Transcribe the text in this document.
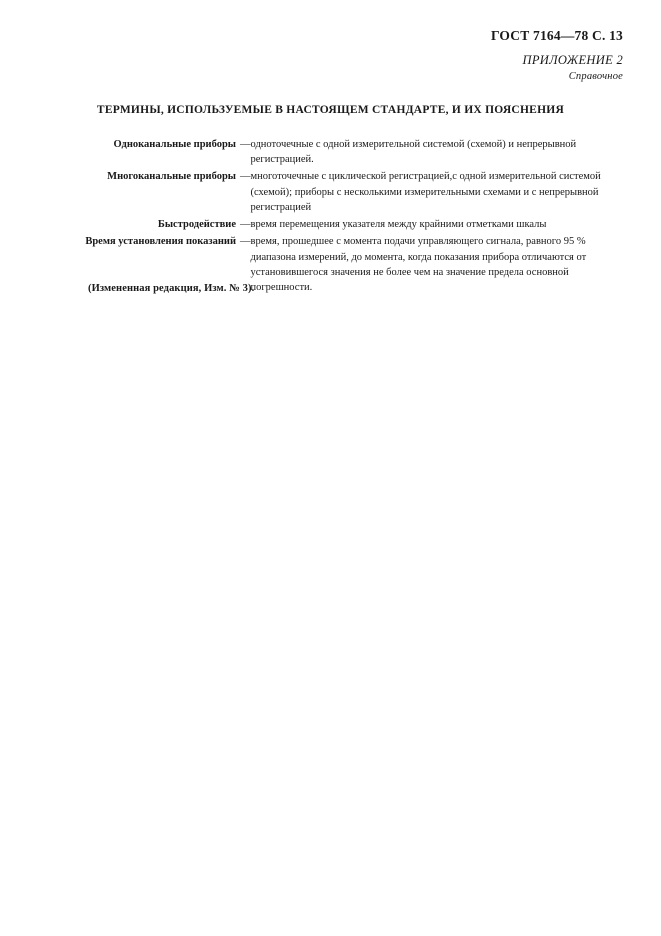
ГОСТ 7164—78 С. 13
ПРИЛОЖЕНИЕ 2
Справочное
ТЕРМИНЫ, ИСПОЛЬЗУЕМЫЕ В НАСТОЯЩЕМ СТАНДАРТЕ, И ИХ ПОЯСНЕНИЯ
Одноканальные приборы — одноточечные с одной измерительной системой (схемой) и непрерывной
регистрацией.
Многоканальные приборы — многоточечные с циклической регистрацией,с одной измерительной системой
(схемой); приборы с несколькими измерительными схемами и с непрерывной
регистрацией
Быстродействие — время перемещения указателя между крайними отметками шкалы
Время установления показаний — время, прошедшее с момента подачи управляющего сигнала, равного 95 %
диапазона измерений, до момента, когда показания прибора отличаются от
установившегося значения не более чем на значение предела основной
погрешности.
(Измененная редакция, Изм. № 3).
